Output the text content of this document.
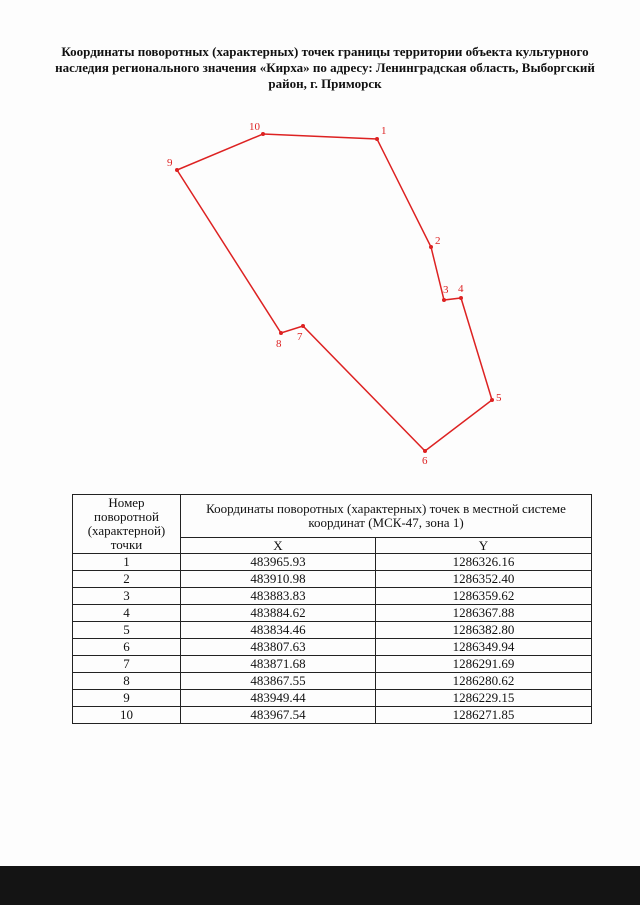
Координаты поворотных (характерных) точек границы территории объекта культурного наследия регионального значения «Кирха» по адресу: Ленинградская область, Выборгский район, г. Приморск
1
2
3 4
5
6
7
8
9
10
Номер поворотной (характерной) точки	Координаты поворотных (характерных) точек в местной системе координат (МСК-47, зона 1)	
	X	Y
1	483965.93	1286326.16
2	483910.98	1286352.40
3	483883.83	1286359.62
4	483884.62	1286367.88
5	483834.46	1286382.80
6	483807.63	1286349.94
7	483871.68	1286291.69
8	483867.55	1286280.62
9	483949.44	1286229.15
10	483967.54	1286271.85
